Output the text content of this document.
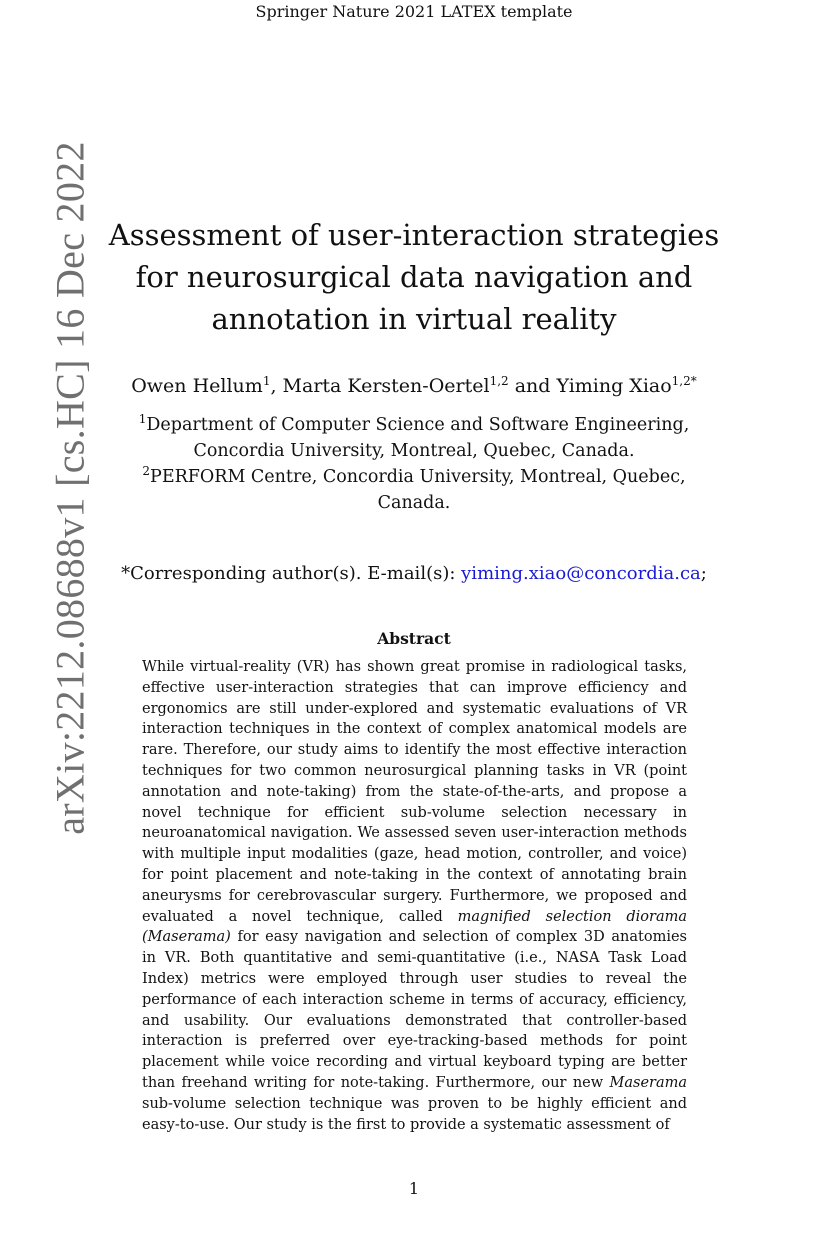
Springer Nature 2021 LATEX template
arXiv:2212.08688v1 [cs.HC] 16 Dec 2022 Assessment of user-interaction strategies for neurosurgical data navigation and annotation in virtual reality
Owen Hellum$^1$, Marta Kersten-Oertel$^{1,2}$ and Yiming Xiao$^{1,2*}$
$^1$Department of Computer Science and Software Engineering, Concordia University, Montreal, Quebec, Canada.
$^2$PERFORM Centre, Concordia University, Montreal, Quebec, Canada.
*Corresponding author(s). E-mail(s): yiming.xiao@concordia.ca;
Abstract

While virtual-reality (VR) has shown great promise in radiological tasks, effective user-interaction strategies that can improve efficiency and ergonomics are still under-explored and systematic evaluations of VR interaction techniques in the context of complex anatomical models are rare. Therefore, our study aims to identify the most effective interaction techniques for two common neurosurgical planning tasks in VR (point annotation and note-taking) from the state-of-the-arts, and propose a novel technique for efficient sub-volume selection necessary in neuroanatomical navigation. We assessed seven user-interaction methods with multiple input modalities (gaze, head motion, controller, and voice) for point placement and note-taking in the context of annotating brain aneurysms for cerebrovascular surgery. Furthermore, we proposed and evaluated a novel technique, called magnified selection diorama (Maserama) for easy navigation and selection of complex 3D anatomies in VR. Both quantitative and semi-quantitative (i.e., NASA Task Load Index) metrics were employed through user studies to reveal the performance of each interaction scheme in terms of accuracy, efficiency, and usability. Our evaluations demonstrated that controller-based interaction is preferred over eye-tracking-based methods for point placement while voice recording and virtual keyboard typing are better than freehand writing for note-taking. Furthermore, our new Maserama sub-volume selection technique was proven to be highly efficient and easy-to-use. Our study is the first to provide a systematic assessment of

1
